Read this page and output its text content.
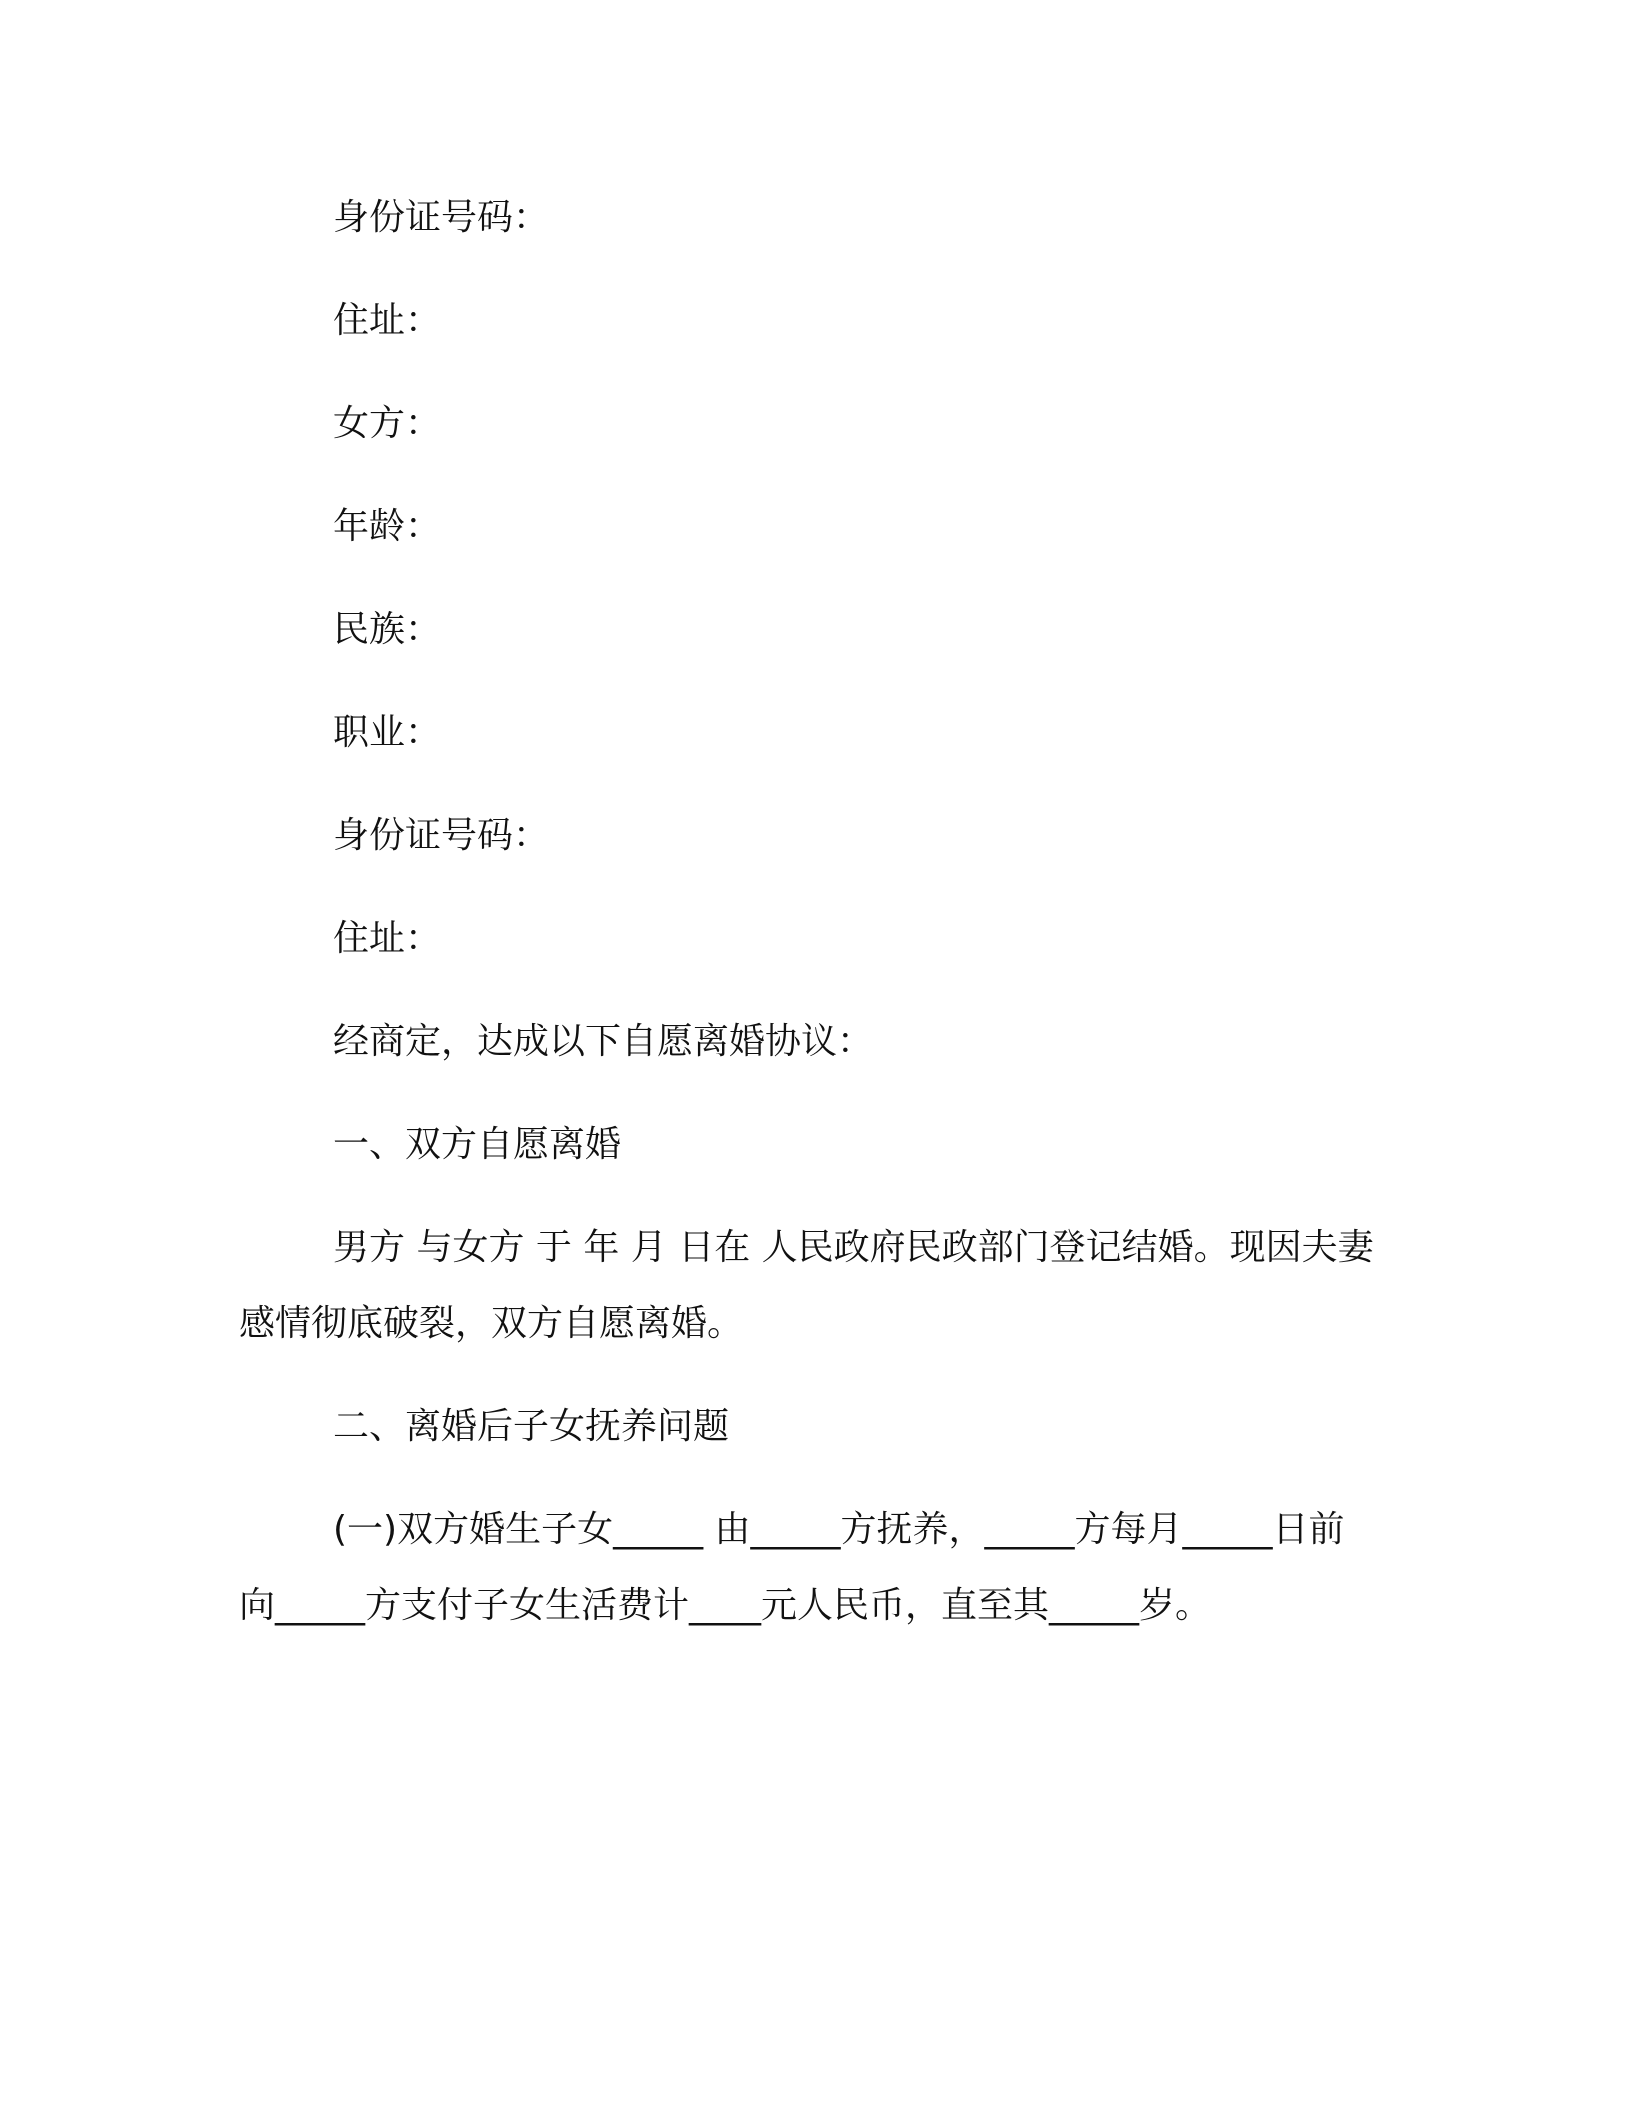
身份证号码：
住址：
女方：
年龄：
民族：
职业：
身份证号码：
住址：
经商定，达成以下自愿离婚协议：
一、双方自愿离婚
男方 与女方 于 年 月 日在 人民政府民政部门登记结婚。现因夫妻感情彻底破裂，双方自愿离婚。
二、离婚后子女抚养问题
(一)双方婚生子女_____ 由_____方抚养，_____方每月_____日前向_____方支付子女生活费计____元人民币，直至其_____岁。
